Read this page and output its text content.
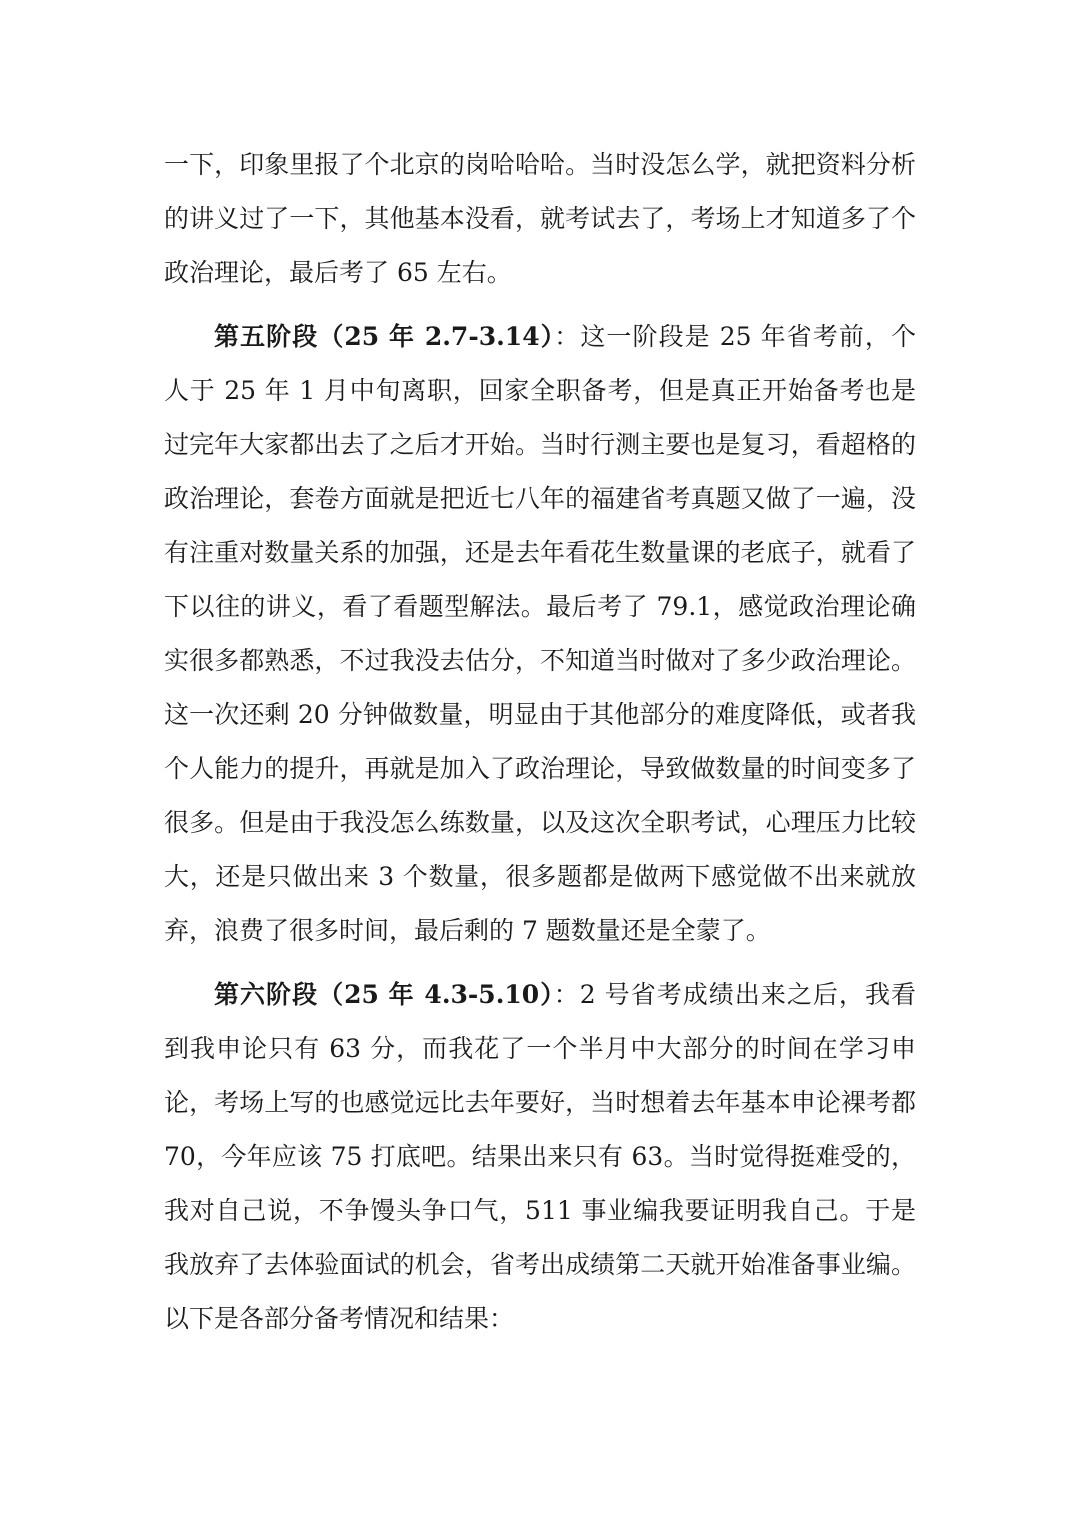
一下，印象里报了个北京的岗哈哈哈。当时没怎么学，就把资料分析的讲义过了一下，其他基本没看，就考试去了，考场上才知道多了个政治理论，最后考了 65 左右。

第五阶段（25 年 2.7-3.14）：这一阶段是 25 年省考前，个人于 25 年 1 月中旬离职，回家全职备考，但是真正开始备考也是过完年大家都出去了之后才开始。当时行测主要也是复习，看超格的政治理论，套卷方面就是把近七八年的福建省考真题又做了一遍，没有注重对数量关系的加强，还是去年看花生数量课的老底子，就看了下以往的讲义，看了看题型解法。最后考了 79.1，感觉政治理论确实很多都熟悉，不过我没去估分，不知道当时做对了多少政治理论。这一次还剩 20 分钟做数量，明显由于其他部分的难度降低，或者我个人能力的提升，再就是加入了政治理论，导致做数量的时间变多了很多。但是由于我没怎么练数量，以及这次全职考试，心理压力比较大，还是只做出来 3 个数量，很多题都是做两下感觉做不出来就放弃，浪费了很多时间，最后剩的 7 题数量还是全蒙了。

第六阶段（25 年 4.3-5.10）：2 号省考成绩出来之后，我看到我申论只有 63 分，而我花了一个半月中大部分的时间在学习申论，考场上写的也感觉远比去年要好，当时想着去年基本申论裸考都 70，今年应该 75 打底吧。结果出来只有 63。当时觉得挺难受的，我对自己说，不争馒头争口气，511 事业编我要证明我自己。于是我放弃了去体验面试的机会，省考出成绩第二天就开始准备事业编。以下是各部分备考情况和结果：
